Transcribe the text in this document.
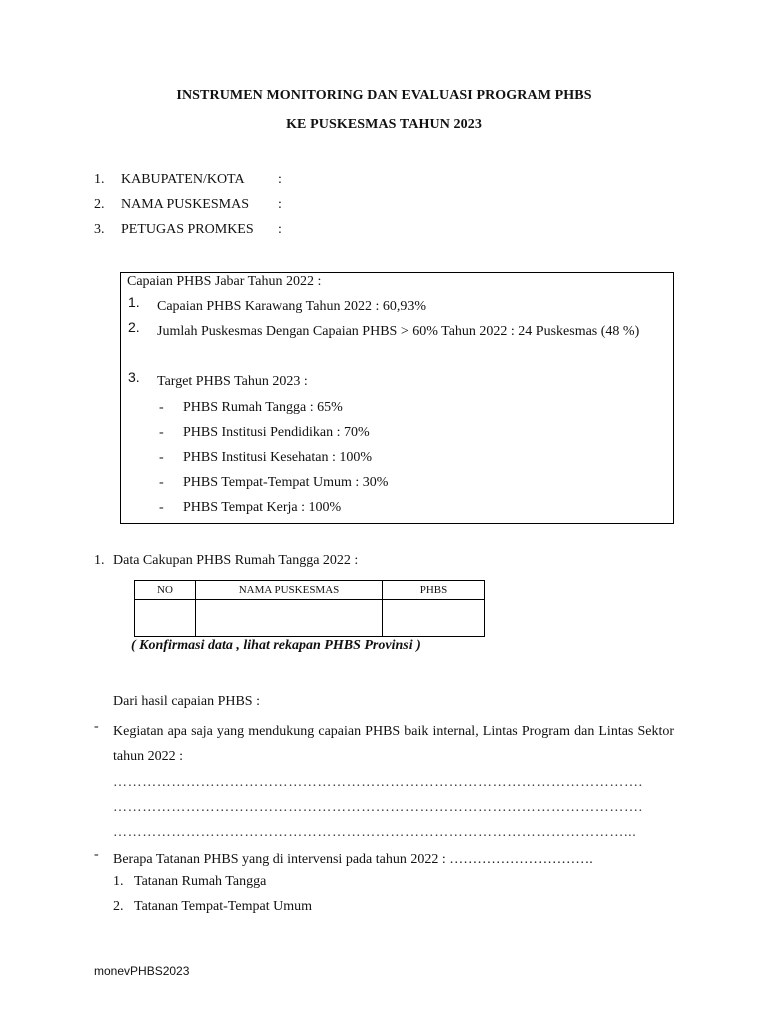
INSTRUMEN MONITORING DAN EVALUASI PROGRAM PHBS
KE PUSKESMAS TAHUN 2023
1.	KABUPATEN/KOTA	:
2.	NAMA PUSKESMAS	:
3.	PETUGAS PROMKES	:
Capaian PHBS Jabar Tahun 2022 :
1.	Capaian PHBS Karawang Tahun 2022 : 60,93%
2.	Jumlah Puskesmas Dengan Capaian PHBS > 60% Tahun 2022 : 24 Puskesmas (48 %)
3.	Target PHBS Tahun 2023 :
-	PHBS Rumah Tangga : 65%
-	PHBS Institusi Pendidikan : 70%
-	PHBS Institusi Kesehatan : 100%
-	PHBS Tempat-Tempat Umum : 30%
-	PHBS Tempat Kerja : 100%
1. Data Cakupan PHBS Rumah Tangga 2022 :
NO	NAMA PUSKESMAS	PHBS

( Konfirmasi data , lihat rekapan PHBS Provinsi )
Dari hasil capaian PHBS :
-	Kegiatan apa saja yang mendukung capaian PHBS baik internal, Lintas Program dan Lintas Sektor tahun 2022 :
……………………………………………………………………………………………….
……………………………………………………………………………………………….
……………………………………………………………………………………………...
-	Berapa Tatanan PHBS yang di intervensi pada tahun 2022 : ………………………….
1. Tatanan Rumah Tangga
2. Tatanan Tempat-Tempat Umum
monevPHBS2023
